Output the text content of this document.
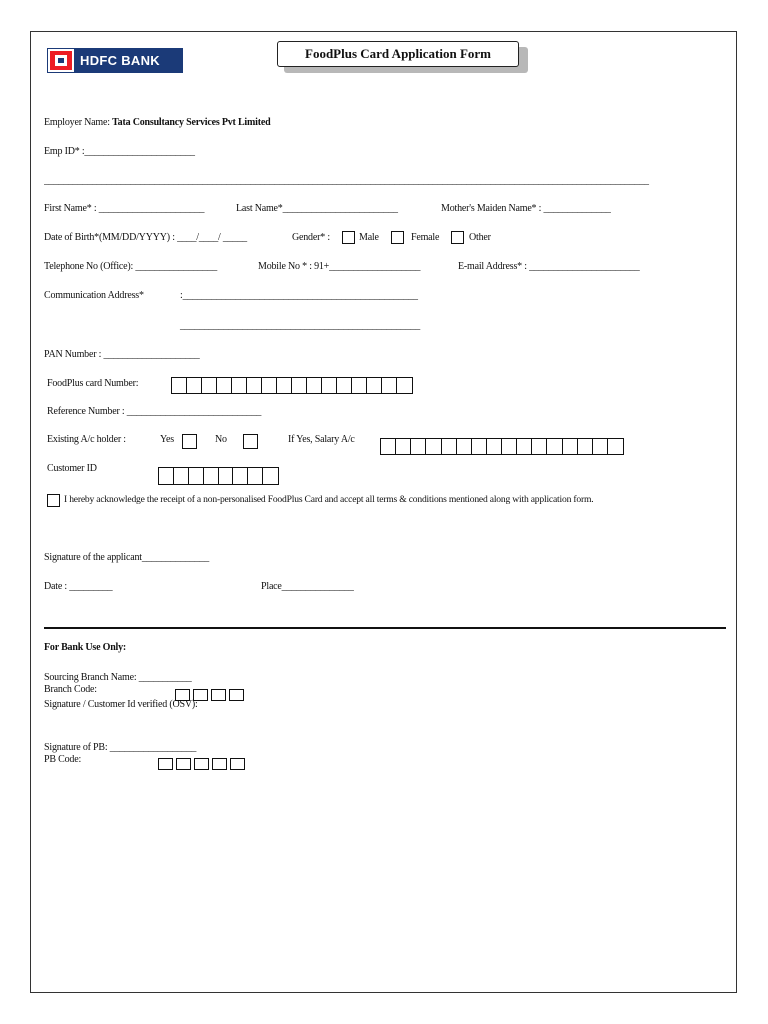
HDFC BANK	FoodPlus Card Application Form
Employer Name: Tata Consultancy Services Pvt Limited
Emp ID* :_______________________
______________________________________________________________________________________________________________________________
First Name* : ______________________	Last Name*________________________	Mother's Maiden Name* : ______________
Date of Birth*(MM/DD/YYYY) : ____/____/ _____	Gender* :	Male	Female	Other
Telephone No (Office): _________________	Mobile No * : 91+___________________	E-mail Address* : _______________________
Communication Address*	:_________________________________________________
__________________________________________________
PAN Number : ____________________
FoodPlus card Number:
Reference Number : ____________________________
Existing A/c holder :	Yes	No	If Yes, Salary A/c
Customer ID
I hereby acknowledge the receipt of a non-personalised FoodPlus Card and accept all terms & conditions mentioned along with application form.
Signature of the applicant______________
Date : _________	Place_______________
For Bank Use Only:
Sourcing Branch Name: ___________
Branch Code:
Signature / Customer Id verified (OSV):
Signature of PB: __________________
PB Code:
